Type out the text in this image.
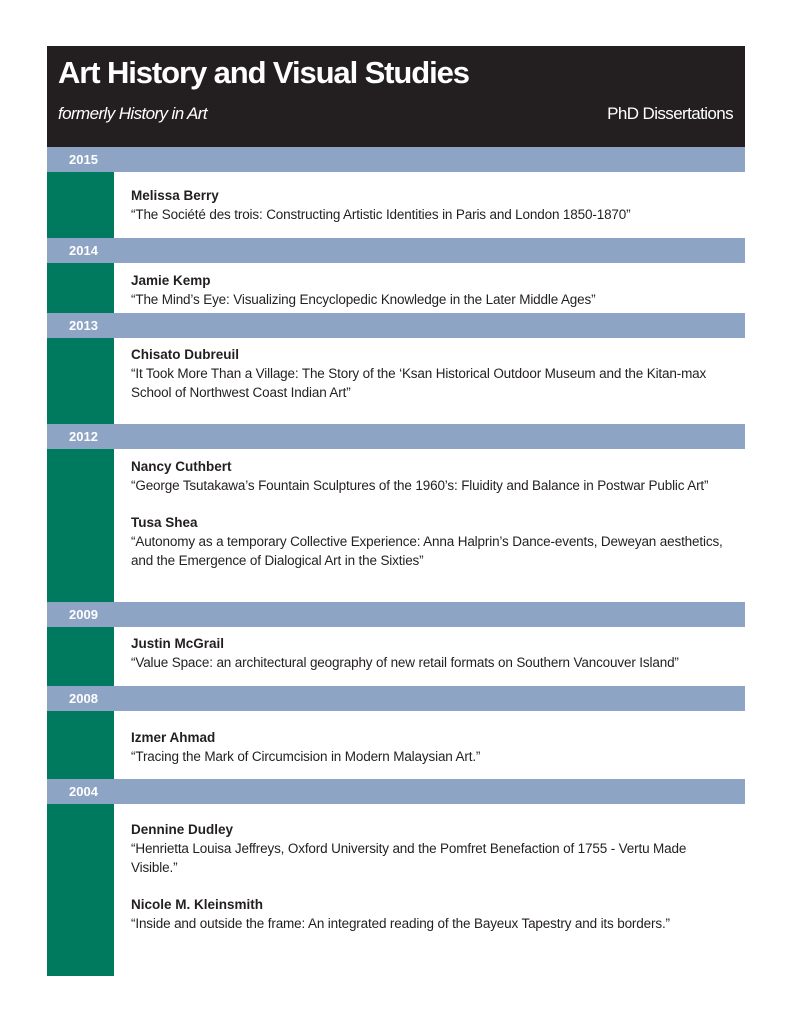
Art History and Visual Studies
formerly History in Art	PhD Dissertations
2015
Melissa Berry
“The Société des trois: Constructing Artistic Identities in Paris and London 1850-1870”
2014
Jamie Kemp
“The Mind’s Eye: Visualizing Encyclopedic Knowledge in the Later Middle Ages”
2013
Chisato Dubreuil
“It Took More Than a Village: The Story of the ‘Ksan Historical Outdoor Museum and the Kitan-max School of Northwest Coast Indian Art”
2012
Nancy Cuthbert
“George Tsutakawa’s Fountain Sculptures of the 1960’s: Fluidity and Balance in Postwar Public Art”
Tusa Shea
“Autonomy as a temporary Collective Experience: Anna Halprin’s Dance-events, Deweyan aesthetics, and the Emergence of Dialogical Art in the Sixties”
2009
Justin McGrail
“Value Space: an architectural geography of new retail formats on Southern Vancouver Island”
2008
Izmer Ahmad
“Tracing the Mark of Circumcision in Modern Malaysian Art.”
2004
Dennine Dudley
“Henrietta Louisa Jeffreys, Oxford University and the Pomfret Benefaction of 1755 - Vertu Made Visible.”
Nicole M. Kleinsmith
“Inside and outside the frame: An integrated reading of the Bayeux Tapestry and its borders.”
